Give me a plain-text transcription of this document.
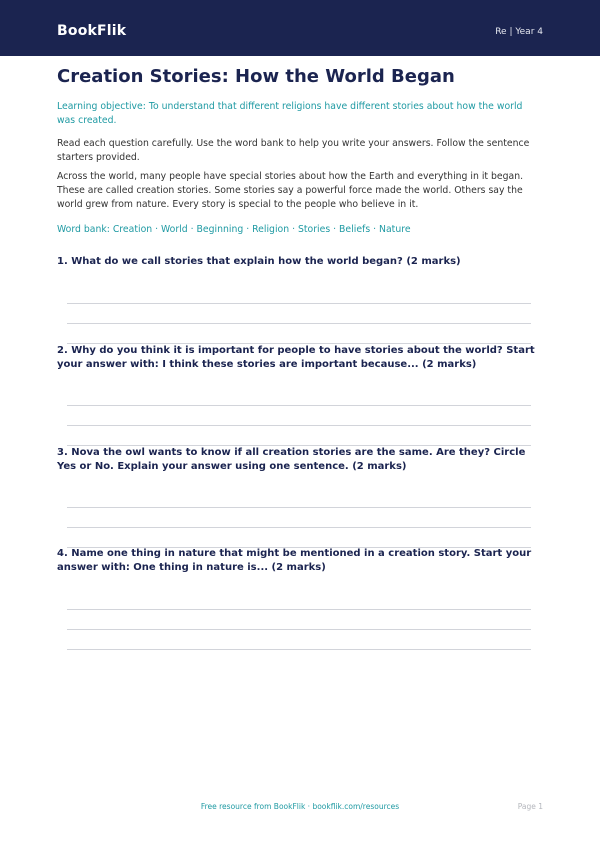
BookFlik	Re | Year 4
Creation Stories: How the World Began

Learning objective: To understand that different religions have different stories about how the world was created.

Read each question carefully. Use the word bank to help you write your answers. Follow the sentence starters provided.

Across the world, many people have special stories about how the Earth and everything in it began. These are called creation stories. Some stories say a powerful force made the world. Others say the world grew from nature. Every story is special to the people who believe in it.

Word bank: Creation · World · Beginning · Religion · Stories · Beliefs · Nature

1. What do we call stories that explain how the world began? (2 marks)

2. Why do you think it is important for people to have stories about the world? Start your answer with: I think these stories are important because... (2 marks)

3. Nova the owl wants to know if all creation stories are the same. Are they? Circle Yes or No. Explain your answer using one sentence. (2 marks)

4. Name one thing in nature that might be mentioned in a creation story. Start your answer with: One thing in nature is... (2 marks)

Free resource from BookFlik · bookflik.com/resources	Page 1
